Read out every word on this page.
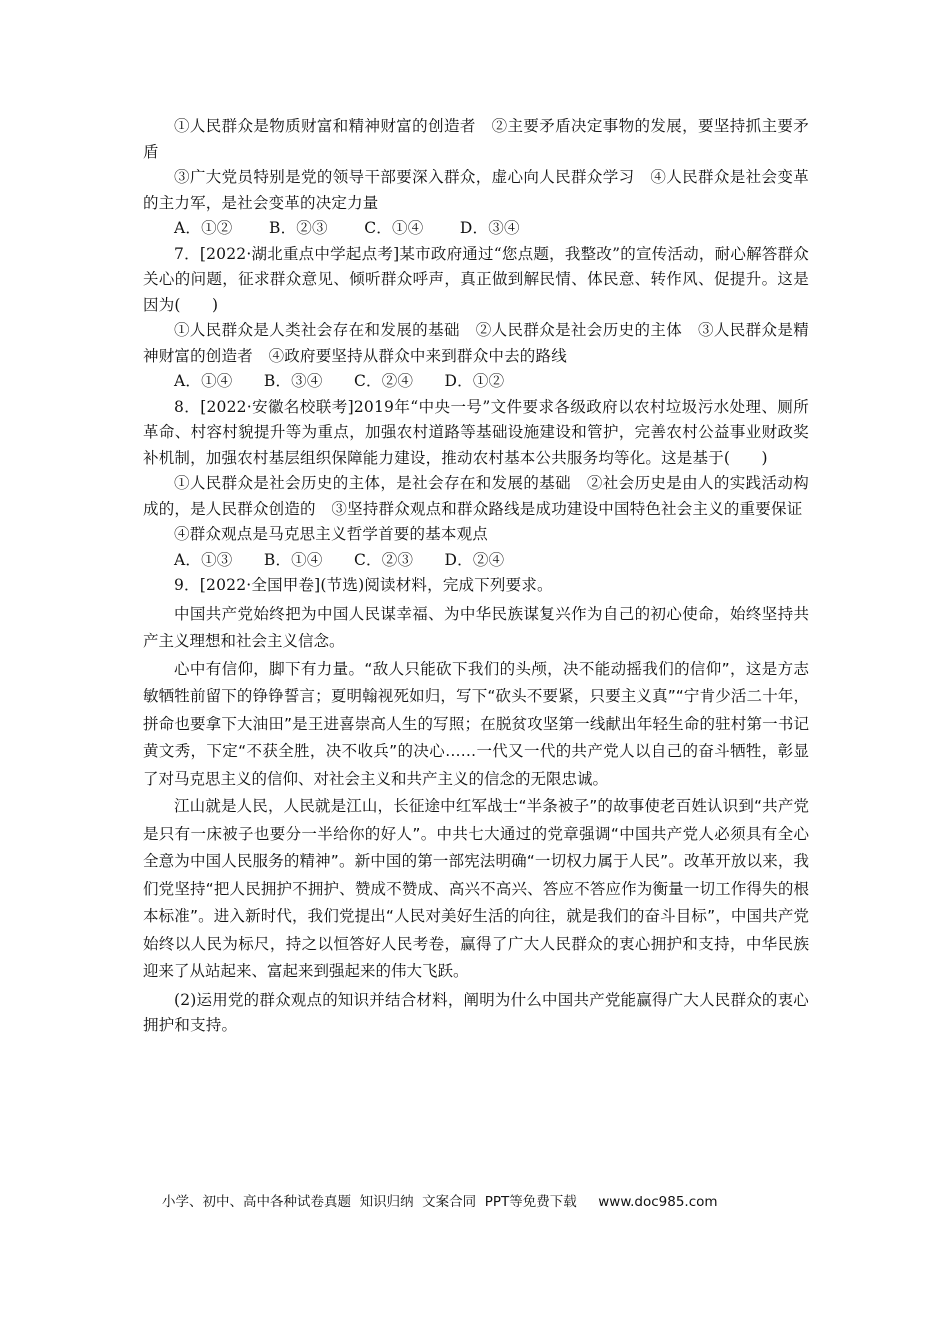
①人民群众是物质财富和精神财富的创造者　②主要矛盾决定事物的发展，要坚持抓主要矛盾

③广大党员特别是党的领导干部要深入群众，虚心向人民群众学习　④人民群众是社会变革的主力军，是社会变革的决定力量

A．①②　　 B．②③　　 C．①④　　 D．③④

7．[2022·湖北重点中学起点考]某市政府通过“您点题，我整改”的宣传活动，耐心解答群众关心的问题，征求群众意见、倾听群众呼声，真正做到解民情、体民意、转作风、促提升。这是因为(　　)

①人民群众是人类社会存在和发展的基础　②人民群众是社会历史的主体　③人民群众是精神财富的创造者　④政府要坚持从群众中来到群众中去的路线

A．①④　　B．③④　　C．②④　　D．①②

8．[2022·安徽名校联考]2019年“中央一号”文件要求各级政府以农村垃圾污水处理、厕所革命、村容村貌提升等为重点，加强农村道路等基础设施建设和管护，完善农村公益事业财政奖补机制，加强农村基层组织保障能力建设，推动农村基本公共服务均等化。这是基于(　　)

①人民群众是社会历史的主体，是社会存在和发展的基础　②社会历史是由人的实践活动构成的，是人民群众创造的　③坚持群众观点和群众路线是成功建设中国特色社会主义的重要保证

④群众观点是马克思主义哲学首要的基本观点

A．①③　　B．①④　　C．②③　　D．②④

9．[2022·全国甲卷](节选)阅读材料，完成下列要求。

中国共产党始终把为中国人民谋幸福、为中华民族谋复兴作为自己的初心使命，始终坚持共产主义理想和社会主义信念。

心中有信仰，脚下有力量。“敌人只能砍下我们的头颅，决不能动摇我们的信仰”，这是方志敏牺牲前留下的铮铮誓言；夏明翰视死如归，写下“砍头不要紧，只要主义真”“宁肯少活二十年，拼命也要拿下大油田”是王进喜崇高人生的写照；在脱贫攻坚第一线献出年轻生命的驻村第一书记黄文秀，下定“不获全胜，决不收兵”的决心……一代又一代的共产党人以自己的奋斗牺牲，彰显了对马克思主义的信仰、对社会主义和共产主义的信念的无限忠诚。

江山就是人民，人民就是江山，长征途中红军战士“半条被子”的故事使老百姓认识到“共产党是只有一床被子也要分一半给你的好人”。中共七大通过的党章强调“中国共产党人必须具有全心全意为中国人民服务的精神”。新中国的第一部宪法明确“一切权力属于人民”。改革开放以来，我们党坚持“把人民拥护不拥护、赞成不赞成、高兴不高兴、答应不答应作为衡量一切工作得失的根本标准”。进入新时代，我们党提出“人民对美好生活的向往，就是我们的奋斗目标”，中国共产党始终以人民为标尺，持之以恒答好人民考卷，赢得了广大人民群众的衷心拥护和支持，中华民族迎来了从站起来、富起来到强起来的伟大飞跃。

(2)运用党的群众观点的知识并结合材料，阐明为什么中国共产党能赢得广大人民群众的衷心拥护和支持。

小学、初中、高中各种试卷真题  知识归纳  文案合同  PPT等免费下载     www.doc985.com
